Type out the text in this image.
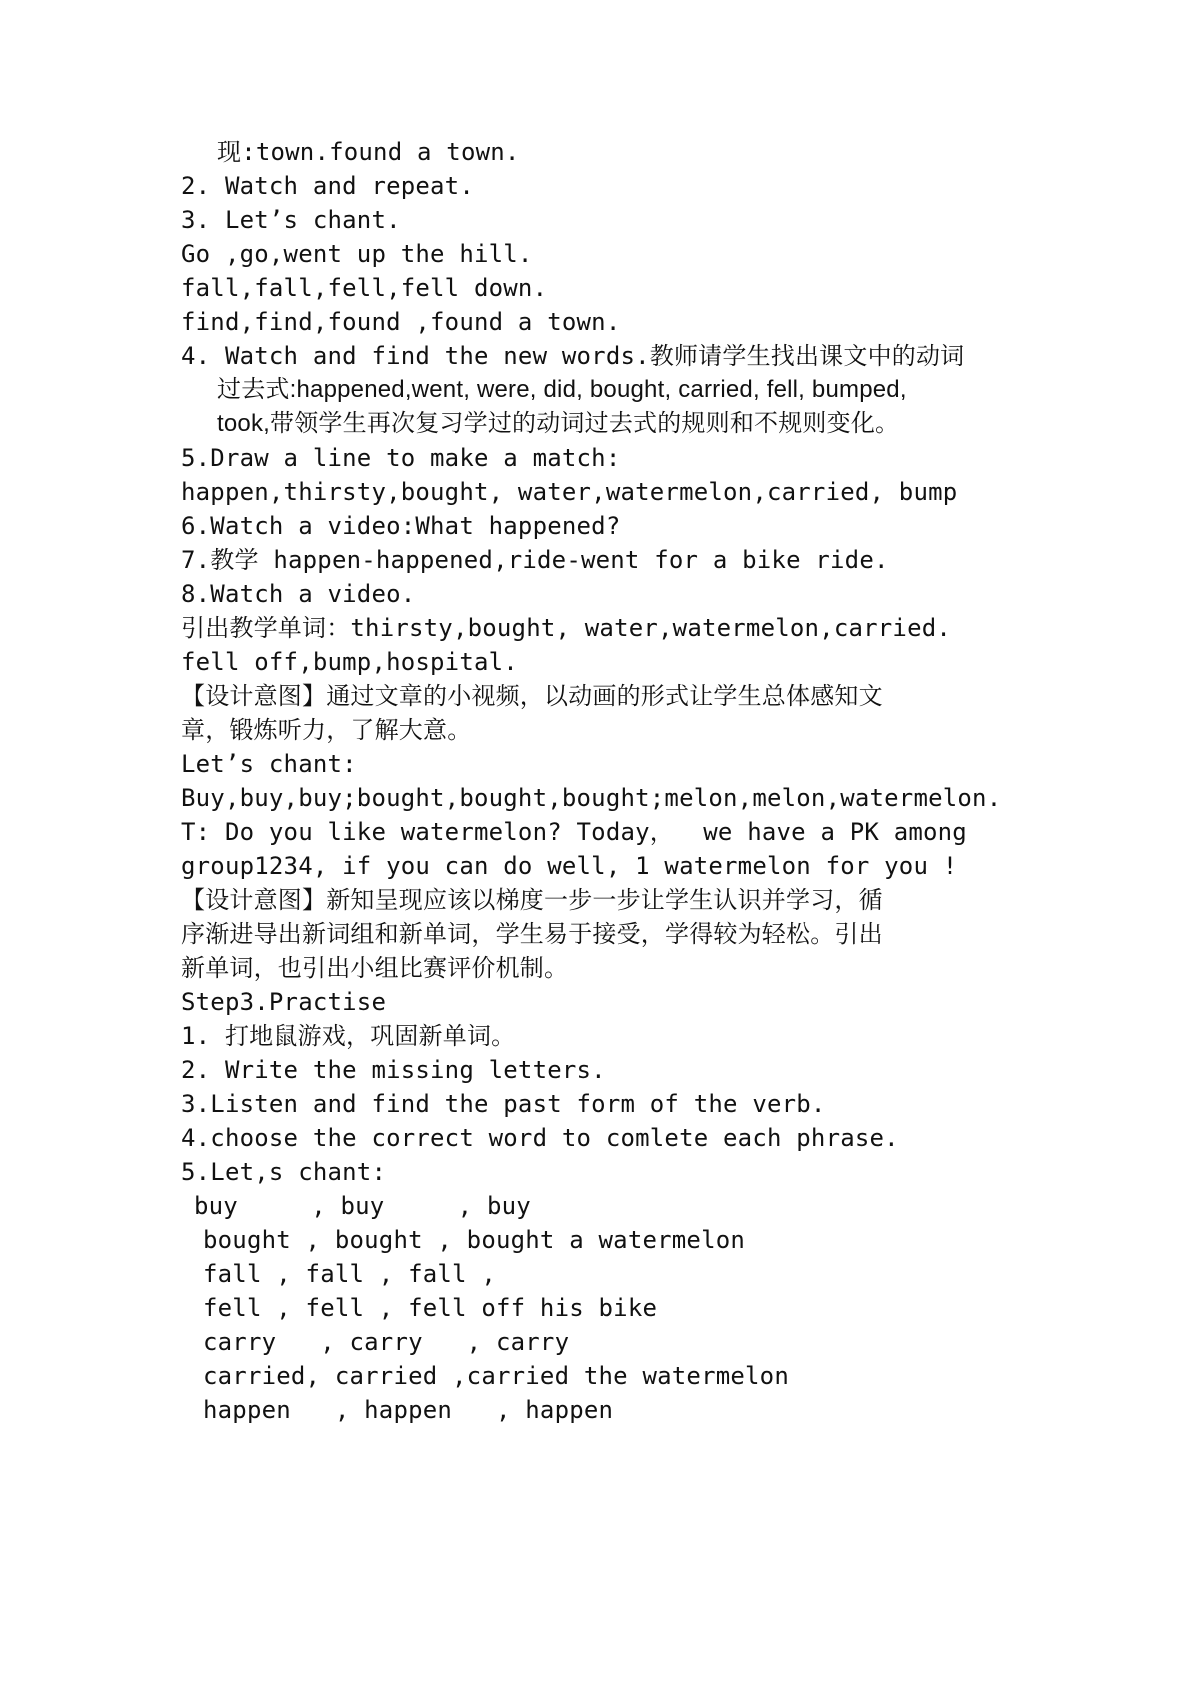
现:town.found a town.
2. Watch and repeat.
3. Let’s chant.
Go ,go,went up the hill.
fall,fall,fell,fell down.
find,find,found ,found a town.
4. Watch and find the new words.教师请学生找出课文中的动词
过去式:happened,went, were, did, bought, carried, fell, bumped,
took,带领学生再次复习学过的动词过去式的规则和不规则变化。
5.Draw a line to make a match:
happen,thirsty,bought, water,watermelon,carried, bump
6.Watch a video:What happened?
7.教学 happen-happened,ride-went for a bike ride.
8.Watch a video.
引出教学单词：thirsty,bought, water,watermelon,carried.
fell off,bump,hospital.
【设计意图】通过文章的小视频，以动画的形式让学生总体感知文
章，锻炼听力，了解大意。
Let’s chant:
Buy,buy,buy;bought,bought,bought;melon,melon,watermelon.
T: Do you like watermelon? Today，  we have a PK among
group1234, if you can do well, 1 watermelon for you !
【设计意图】新知呈现应该以梯度一步一步让学生认识并学习，循
序渐进导出新词组和新单词，学生易于接受，学得较为轻松。引出
新单词，也引出小组比赛评价机制。
Step3.Practise
1. 打地鼠游戏，巩固新单词。
2. Write the missing letters.
3.Listen and find the past form of the verb.
4.choose the correct word to comlete each phrase.
5.Let,s chant:
buy     , buy     , buy
bought , bought , bought a watermelon
fall , fall , fall ,
fell , fell , fell off his bike
carry   , carry   , carry
carried, carried ,carried the watermelon
happen   , happen   , happen
